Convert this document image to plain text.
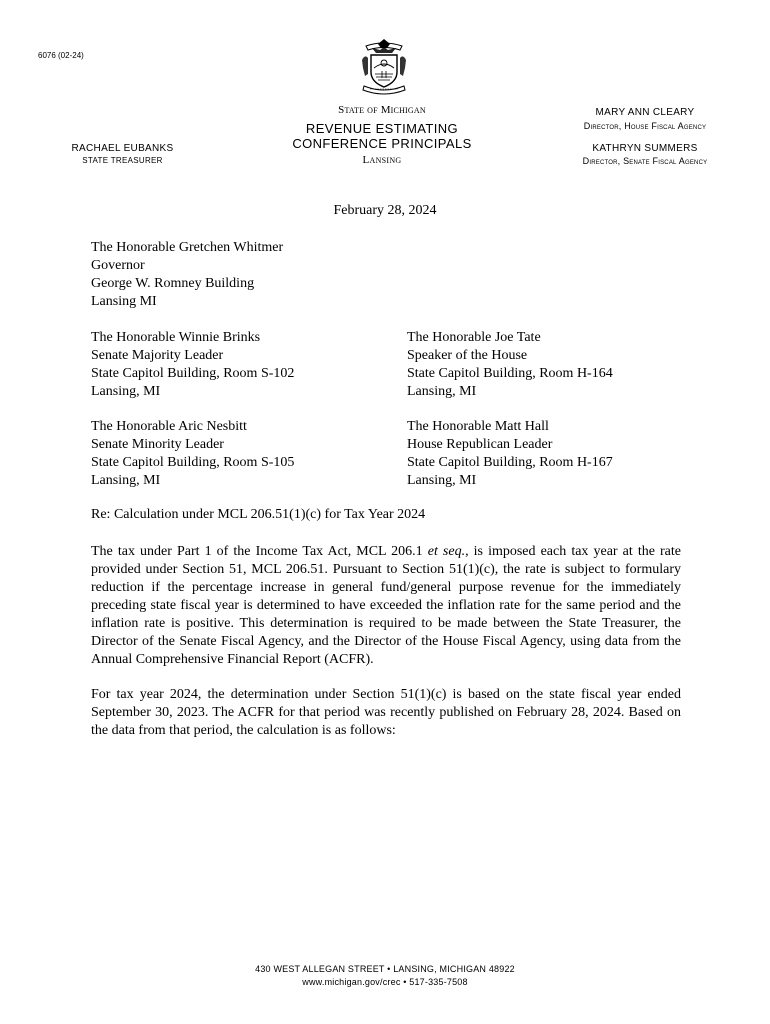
6076 (02-24)
State of Michigan
REVENUE ESTIMATING
CONFERENCE PRINCIPALS
Lansing
RACHAEL EUBANKS
STATE TREASURER
MARY ANN CLEARY
Director, House Fiscal Agency
KATHRYN SUMMERS
Director, Senate Fiscal Agency
February 28, 2024
The Honorable Gretchen Whitmer
Governor
George W. Romney Building
Lansing MI
The Honorable Winnie Brinks
Senate Majority Leader
State Capitol Building, Room S-102
Lansing, MI
The Honorable Joe Tate
Speaker of the House
State Capitol Building, Room H-164
Lansing, MI
The Honorable Aric Nesbitt
Senate Minority Leader
State Capitol Building, Room S-105
Lansing, MI
The Honorable Matt Hall
House Republican Leader
State Capitol Building, Room H-167
Lansing, MI
Re: Calculation under MCL 206.51(1)(c) for Tax Year 2024
The tax under Part 1 of the Income Tax Act, MCL 206.1 et seq., is imposed each tax year at the rate provided under Section 51, MCL 206.51. Pursuant to Section 51(1)(c), the rate is subject to formulary reduction if the percentage increase in general fund/general purpose revenue for the immediately preceding state fiscal year is determined to have exceeded the inflation rate for the same period and the inflation rate is positive. This determination is required to be made between the State Treasurer, the Director of the Senate Fiscal Agency, and the Director of the House Fiscal Agency, using data from the Annual Comprehensive Financial Report (ACFR).
For tax year 2024, the determination under Section 51(1)(c) is based on the state fiscal year ended September 30, 2023. The ACFR for that period was recently published on February 28, 2024. Based on the data from that period, the calculation is as follows:
430 WEST ALLEGAN STREET • LANSING, MICHIGAN 48922
www.michigan.gov/crec • 517-335-7508
